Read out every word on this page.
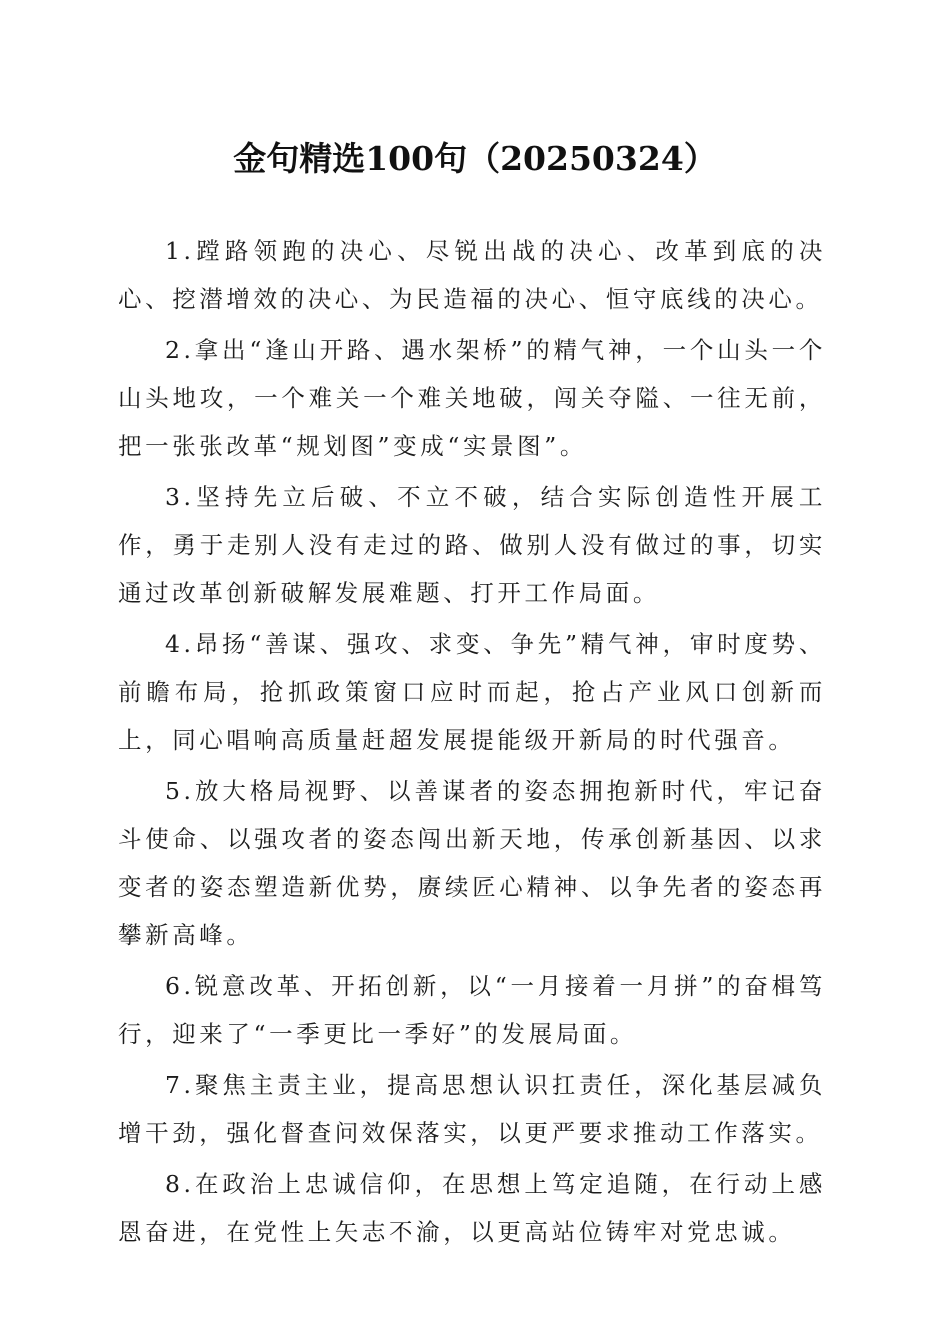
金句精选100句（20250324）

1.蹚路领跑的决心、尽锐出战的决心、改革到底的决心、挖潜增效的决心、为民造福的决心、恒守底线的决心。

2.拿出“逢山开路、遇水架桥”的精气神，一个山头一个山头地攻，一个难关一个难关地破，闯关夺隘、一往无前，把一张张改革“规划图”变成“实景图”。

3.坚持先立后破、不立不破，结合实际创造性开展工作，勇于走别人没有走过的路、做别人没有做过的事，切实通过改革创新破解发展难题、打开工作局面。

4.昂扬“善谋、强攻、求变、争先”精气神，审时度势、前瞻布局，抢抓政策窗口应时而起，抢占产业风口创新而上，同心唱响高质量赶超发展提能级开新局的时代强音。

5.放大格局视野、以善谋者的姿态拥抱新时代，牢记奋斗使命、以强攻者的姿态闯出新天地，传承创新基因、以求变者的姿态塑造新优势，赓续匠心精神、以争先者的姿态再攀新高峰。

6.锐意改革、开拓创新，以“一月接着一月拼”的奋楫笃行，迎来了“一季更比一季好”的发展局面。

7.聚焦主责主业，提高思想认识扛责任，深化基层减负增干劲，强化督查问效保落实，以更严要求推动工作落实。

8.在政治上忠诚信仰，在思想上笃定追随，在行动上感恩奋进，在党性上矢志不渝，以更高站位铸牢对党忠诚。
